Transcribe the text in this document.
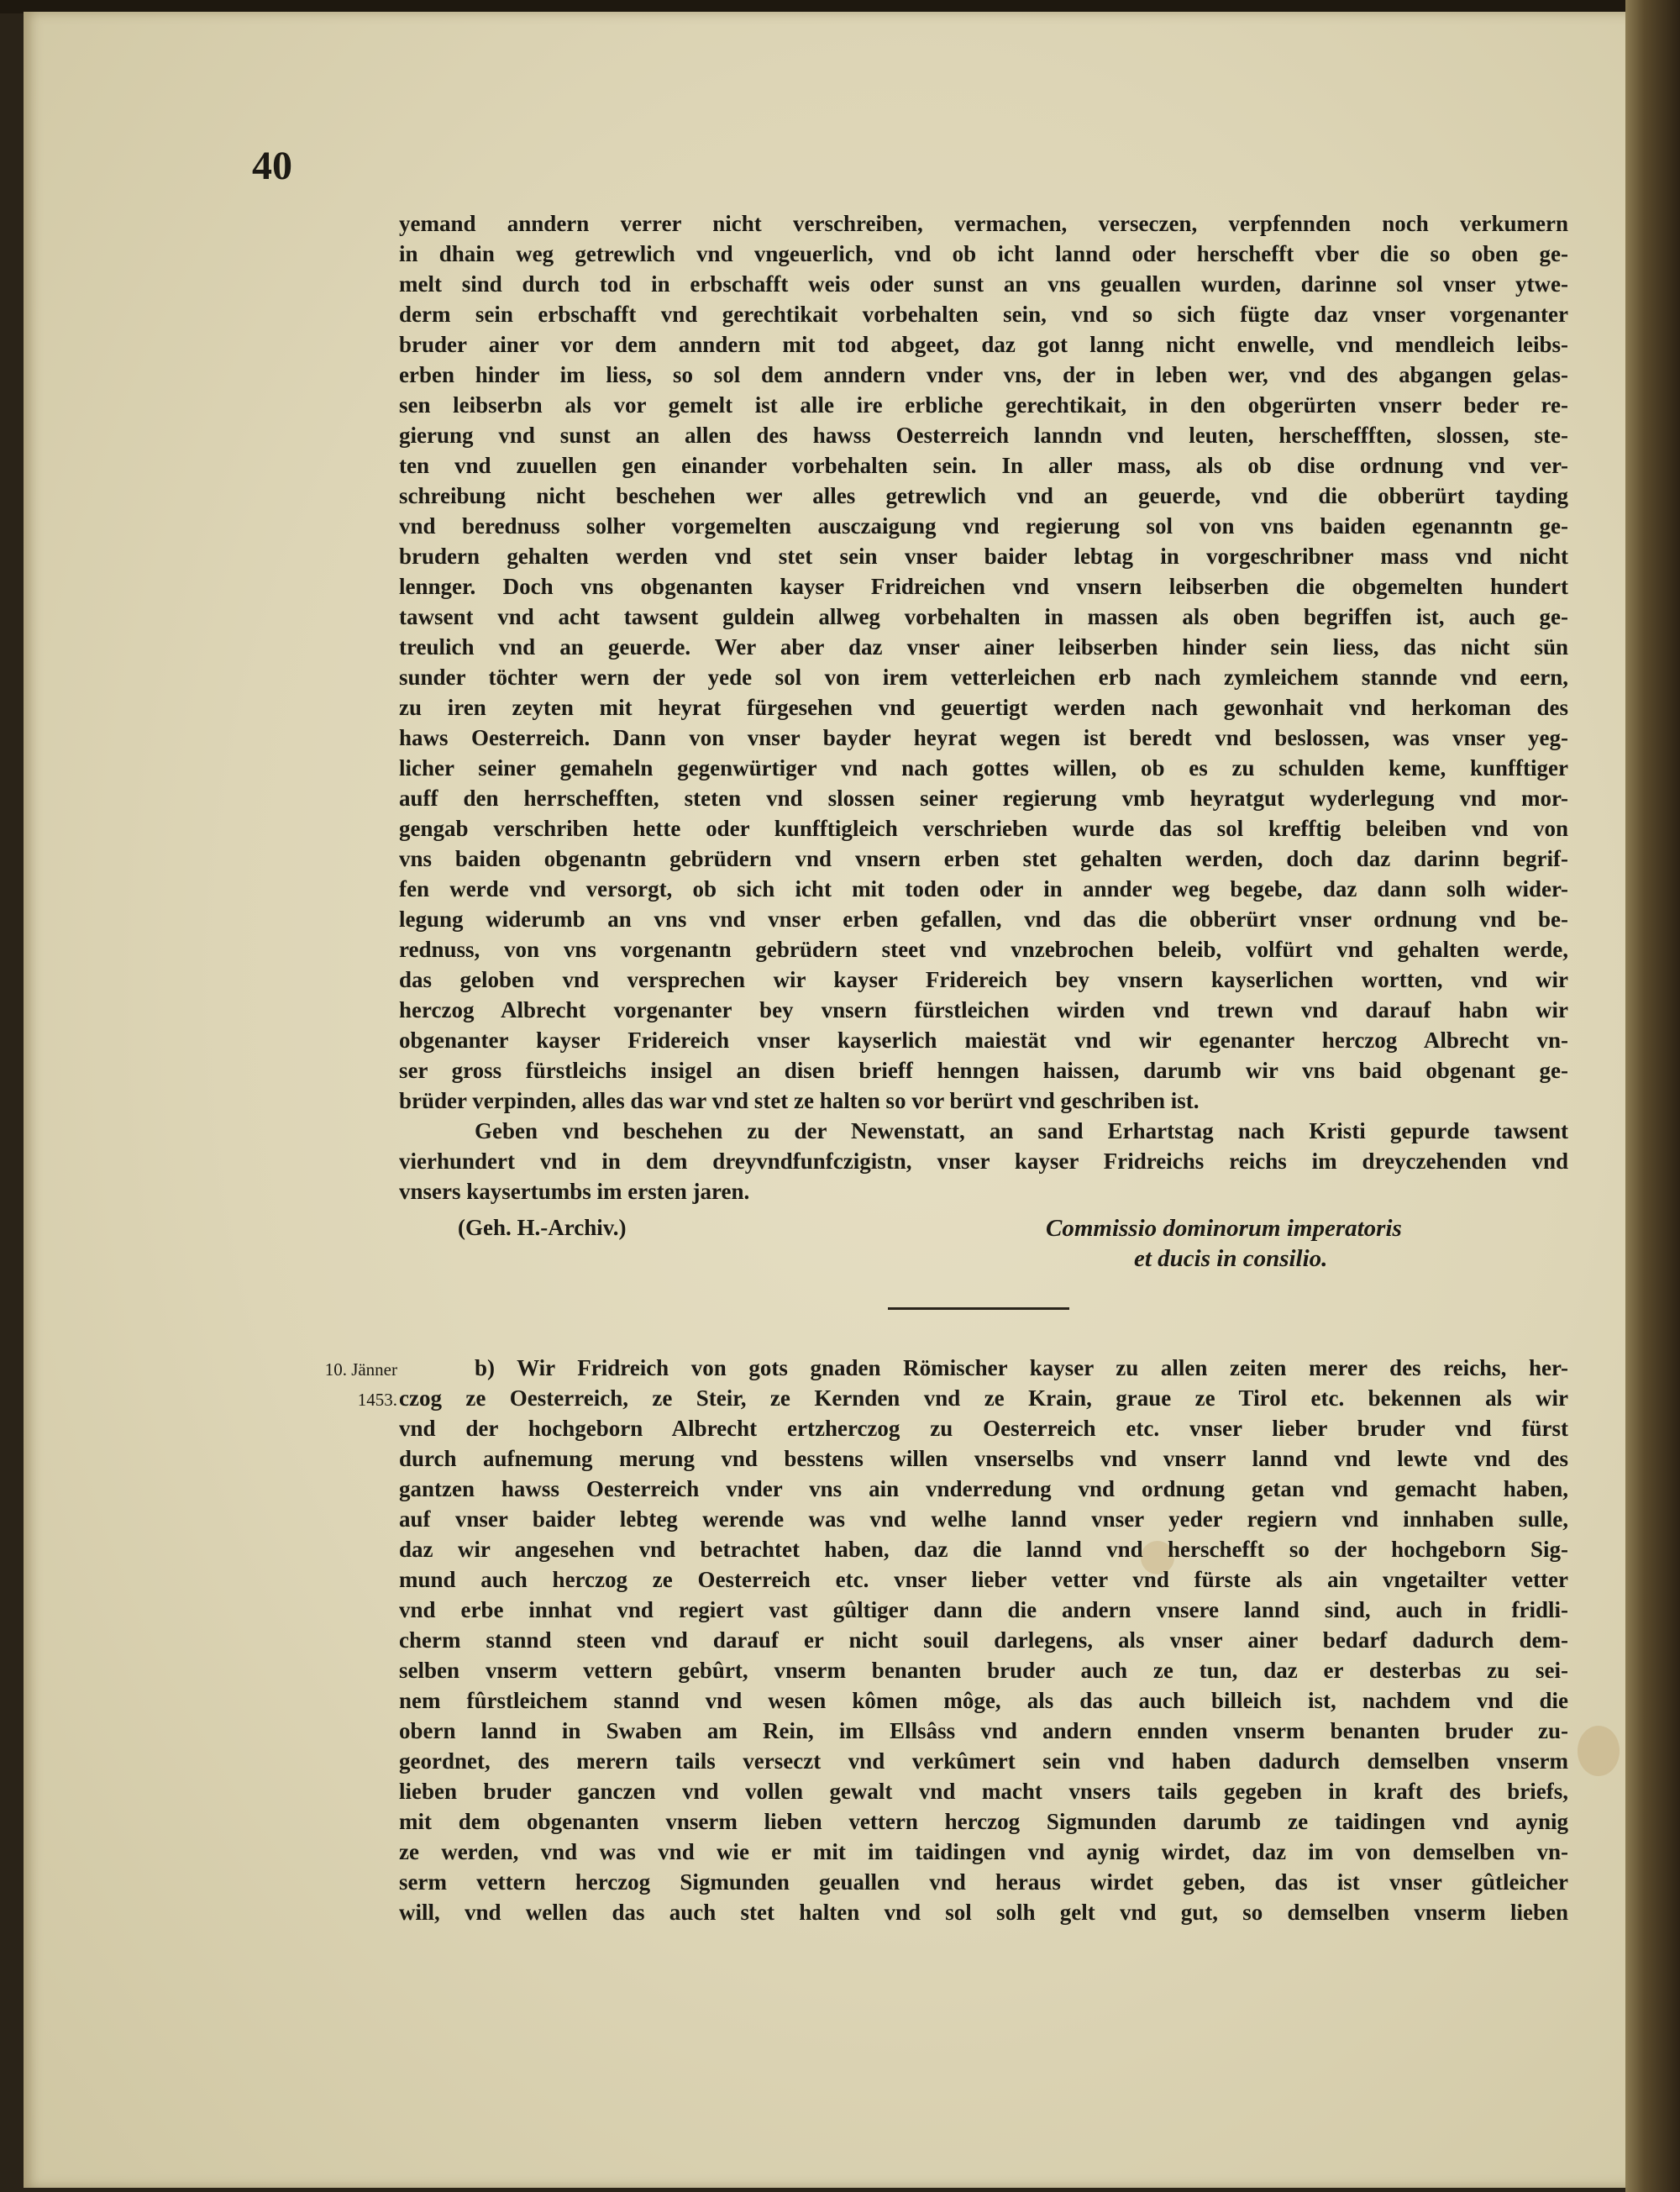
40
yemand anndern verrer nicht verschreiben, vermachen, verseczen, verpfennden noch verkumern
in dhain weg getrewlich vnd vngeuerlich, vnd ob icht lannd oder herschefft vber die so oben ge-
melt sind durch tod in erbschafft weis oder sunst an vns geuallen wurden, darinne sol vnser ytwe-
derm sein erbschafft vnd gerechtikait vorbehalten sein, vnd so sich fügte daz vnser vorgenanter
bruder ainer vor dem anndern mit tod abgeet, daz got lanng nicht enwelle, vnd mendleich leibs-
erben hinder im liess, so sol dem anndern vnder vns, der in leben wer, vnd des abgangen gelas-
sen leibserbn als vor gemelt ist alle ire erbliche gerechtikait, in den obgerürten vnserr beder re-
gierung vnd sunst an allen des hawss Oesterreich lanndn vnd leuten, herscheffften, slossen, ste-
ten vnd zuuellen gen einander vorbehalten sein. In aller mass, als ob dise ordnung vnd ver-
schreibung nicht beschehen wer alles getrewlich vnd an geuerde, vnd die obberürt tayding
vnd berednuss solher vorgemelten ausczaigung vnd regierung sol von vns baiden egenanntn ge-
brudern gehalten werden vnd stet sein vnser baider lebtag in vorgeschribner mass vnd nicht
lennger. Doch vns obgenanten kayser Fridreichen vnd vnsern leibserben die obgemelten hundert
tawsent vnd acht tawsent guldein allweg vorbehalten in massen als oben begriffen ist, auch ge-
treulich vnd an geuerde. Wer aber daz vnser ainer leibserben hinder sein liess, das nicht sün
sunder töchter wern der yede sol von irem vetterleichen erb nach zymleichem stannde vnd eern,
zu iren zeyten mit heyrat fürgesehen vnd geuertigt werden nach gewonhait vnd herkoman des
haws Oesterreich. Dann von vnser bayder heyrat wegen ist beredt vnd beslossen, was vnser yeg-
licher seiner gemaheln gegenwürtiger vnd nach gottes willen, ob es zu schulden keme, kunfftiger
auff den herrschefften, steten vnd slossen seiner regierung vmb heyratgut wyderlegung vnd mor-
gengab verschriben hette oder kunfftigleich verschrieben wurde das sol krefftig beleiben vnd von
vns baiden obgenantn gebrüdern vnd vnsern erben stet gehalten werden, doch daz darinn begrif-
fen werde vnd versorgt, ob sich icht mit toden oder in annder weg begebe, daz dann solh wider-
legung widerumb an vns vnd vnser erben gefallen, vnd das die obberürt vnser ordnung vnd be-
rednuss, von vns vorgenantn gebrüdern steet vnd vnzebrochen beleib, volfürt vnd gehalten werde,
das geloben vnd versprechen wir kayser Fridereich bey vnsern kayserlichen wortten, vnd wir
herczog Albrecht vorgenanter bey vnsern fürstleichen wirden vnd trewn vnd darauf habn wir
obgenanter kayser Fridereich vnser kayserlich maiestät vnd wir egenanter herczog Albrecht vn-
ser gross fürstleichs insigel an disen brieff henngen haissen, darumb wir vns baid obgenant ge-
brüder verpinden, alles das war vnd stet ze halten so vor berürt vnd geschriben ist.
Geben vnd beschehen zu der Newenstatt, an sand Erhartstag nach Kristi gepurde tawsent
vierhundert vnd in dem dreyvndfunfczigistn, vnser kayser Fridreichs reichs im dreyczehenden vnd
vnsers kaysertumbs im ersten jaren.
(Geh. H.-Archiv.)	Commissio dominorum imperatoris
et ducis in consilio.
10. Jänner
1453.
b) Wir Fridreich von gots gnaden Römischer kayser zu allen zeiten merer des reichs, her-
czog ze Oesterreich, ze Steir, ze Kernden vnd ze Krain, graue ze Tirol etc. bekennen als wir
vnd der hochgeborn Albrecht ertzherczog zu Oesterreich etc. vnser lieber bruder vnd fürst
durch aufnemung merung vnd besstens willen vnserselbs vnd vnserr lannd vnd lewte vnd des
gantzen hawss Oesterreich vnder vns ain vnderredung vnd ordnung getan vnd gemacht haben,
auf vnser baider lebteg werende was vnd welhe lannd vnser yeder regiern vnd innhaben sulle,
daz wir angesehen vnd betrachtet haben, daz die lannd vnd herschefft so der hochgeborn Sig-
mund auch herczog ze Oesterreich etc. vnser lieber vetter vnd fürste als ain vngetailter vetter
vnd erbe innhat vnd regiert vast gûltiger dann die andern vnsere lannd sind, auch in fridli-
cherm stannd steen vnd darauf er nicht souil darlegens, als vnser ainer bedarf dadurch dem-
selben vnserm vettern gebûrt, vnserm benanten bruder auch ze tun, daz er desterbas zu sei-
nem fûrstleichem stannd vnd wesen kômen môge, als das auch billeich ist, nachdem vnd die
obern lannd in Swaben am Rein, im Ellsâss vnd andern ennden vnserm benanten bruder zu-
geordnet, des merern tails verseczt vnd verkûmert sein vnd haben dadurch demselben vnserm
lieben bruder ganczen vnd vollen gewalt vnd macht vnsers tails gegeben in kraft des briefs,
mit dem obgenanten vnserm lieben vettern herczog Sigmunden darumb ze taidingen vnd aynig
ze werden, vnd was vnd wie er mit im taidingen vnd aynig wirdet, daz im von demselben vn-
serm vettern herczog Sigmunden geuallen vnd heraus wirdet geben, das ist vnser gûtleicher
will, vnd wellen das auch stet halten vnd sol solh gelt vnd gut, so demselben vnserm lieben
